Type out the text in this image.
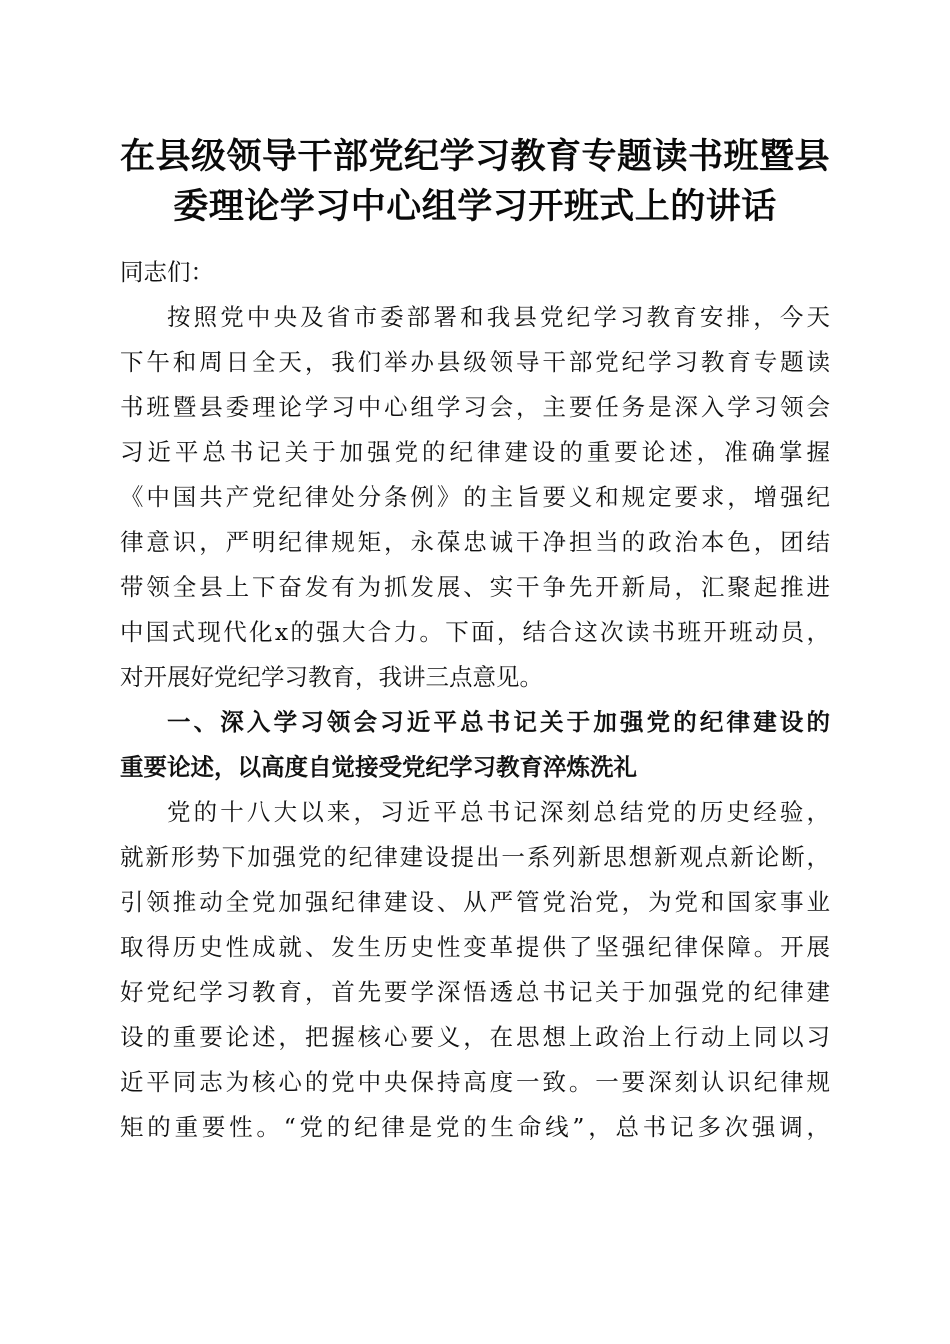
在县级领导干部党纪学习教育专题读书班暨县
委理论学习中心组学习开班式上的讲话
同志们：
按照党中央及省市委部署和我县党纪学习教育安排，今天
下午和周日全天，我们举办县级领导干部党纪学习教育专题读
书班暨县委理论学习中心组学习会，主要任务是深入学习领会
习近平总书记关于加强党的纪律建设的重要论述，准确掌握
《中国共产党纪律处分条例》的主旨要义和规定要求，增强纪
律意识，严明纪律规矩，永葆忠诚干净担当的政治本色，团结
带领全县上下奋发有为抓发展、实干争先开新局，汇聚起推进
中国式现代化x的强大合力。下面，结合这次读书班开班动员，
对开展好党纪学习教育，我讲三点意见。
一、深入学习领会习近平总书记关于加强党的纪律建设的
重要论述，以高度自觉接受党纪学习教育淬炼洗礼
党的十八大以来，习近平总书记深刻总结党的历史经验，
就新形势下加强党的纪律建设提出一系列新思想新观点新论断，
引领推动全党加强纪律建设、从严管党治党，为党和国家事业
取得历史性成就、发生历史性变革提供了坚强纪律保障。开展
好党纪学习教育，首先要学深悟透总书记关于加强党的纪律建
设的重要论述，把握核心要义，在思想上政治上行动上同以习
近平同志为核心的党中央保持高度一致。一要深刻认识纪律规
矩的重要性。“党的纪律是党的生命线”，总书记多次强调，
